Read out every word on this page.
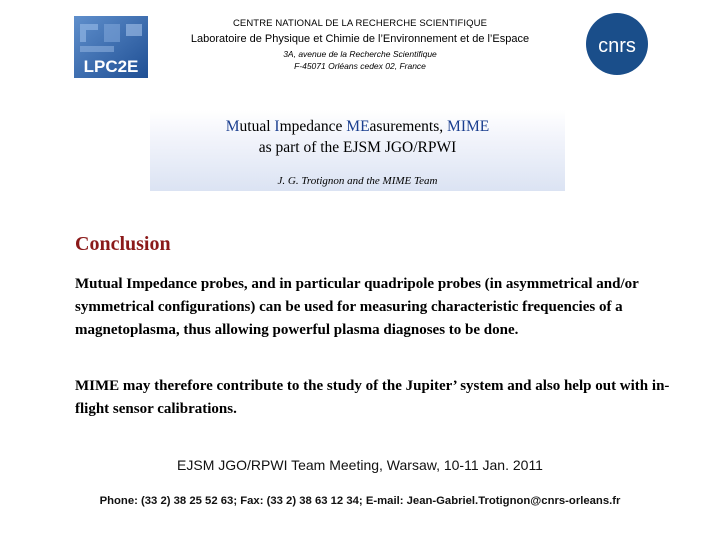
LPC2E
cnrs

CENTRE NATIONAL DE LA RECHERCHE SCIENTIFIQUE

Laboratoire de Physique et Chimie de l’Environnement et de l’Espace

3A, avenue de la Recherche Scientifique

F-45071 Orléans cedex 02, France

Mutual Impedance MEasurements, MIME
as part of the EJSM JGO/RPWI
J. G. Trotignon and the MIME Team
Conclusion

Mutual Impedance probes, and in particular quadripole probes (in asymmetrical and/or symmetrical configurations) can be used for measuring characteristic frequencies of a magnetoplasma, thus allowing powerful plasma diagnoses to be done.

MIME may therefore contribute to the study of the Jupiter’ system and also help out with in-flight sensor calibrations.

EJSM JGO/RPWI Team Meeting, Warsaw, 10-11 Jan. 2011
Phone: (33 2) 38 25 52 63; Fax: (33 2) 38 63 12 34; E-mail: Jean-Gabriel.Trotignon@cnrs-orleans.fr
